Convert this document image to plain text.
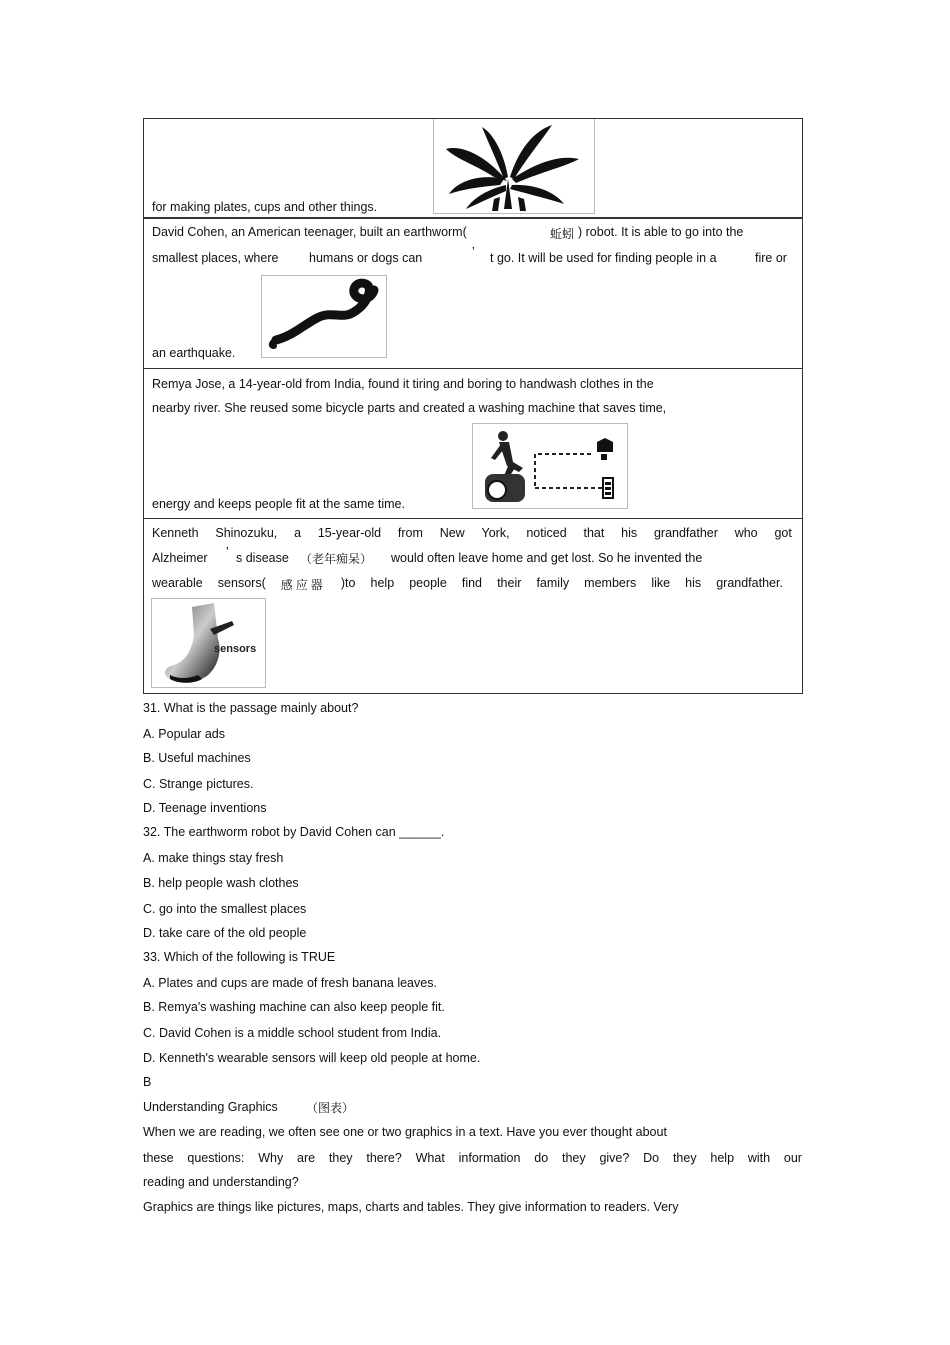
for making plates, cups and other things.
David Cohen, an American teenager, built an earthworm(	蚯蚓 ) robot. It is able to go into the
smallest places, where humans or dogs can	’ t go. It will be used for finding people in a	fire or
an earthquake.
Remya Jose, a 14-year-old from India, found it tiring and boring to handwash clothes in the
nearby river. She reused some bicycle parts and created a washing machine that saves time,
energy and keeps people fit at the same time.
Kenneth Shinozuku, a 15-year-old from New York, noticed that his grandfather who got
Alzheimer ’ s disease （老年痴呆） would often leave home and get lost. So he invented the
wearable sensors( 感应器 )to help people find their family members like his grandfather.
sensors
31. What is the passage mainly about?
A. Popular ads
B. Useful machines
C. Strange pictures.
D. Teenage inventions
32. The earthworm robot by David Cohen can ______.
A. make things stay fresh
B. help people wash clothes
C. go into the smallest places
D. take care of the old people
33. Which of the following is TRUE
A. Plates and cups are made of fresh banana leaves.
B. Remya's washing machine can also keep people fit.
C. David Cohen is a middle school student from India.
D. Kenneth's wearable sensors will keep old people at home.
B
Understanding Graphics （图表）
When we are reading, we often see one or two graphics in a text. Have you ever thought about
these questions: Why are they there? What information do they give? Do they help with our
reading and understanding?
Graphics are things like pictures, maps, charts and tables. They give information to readers. Very
